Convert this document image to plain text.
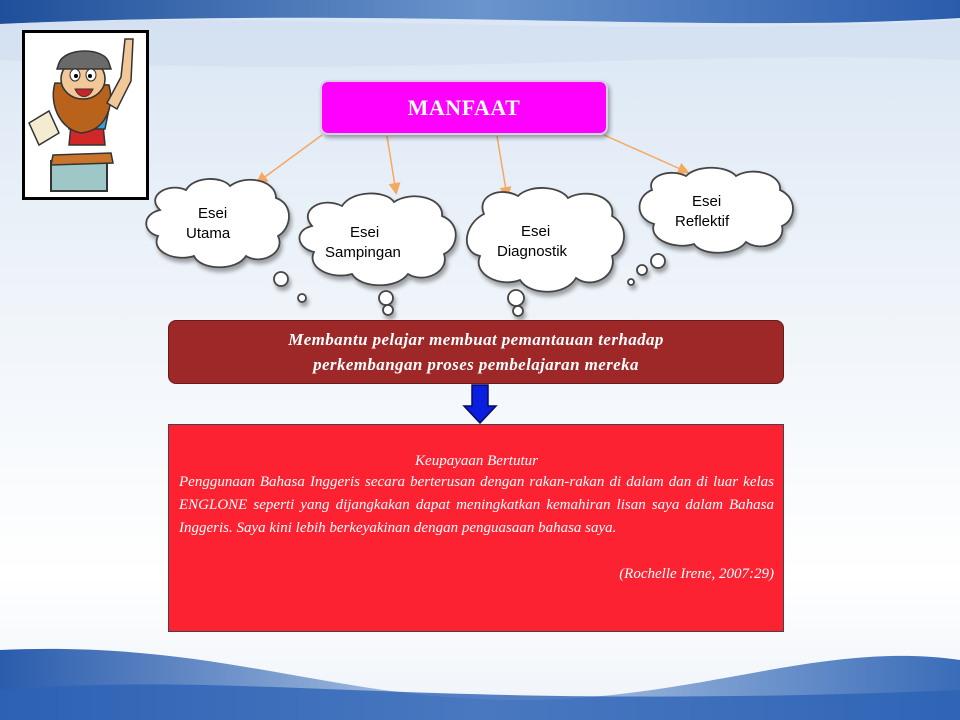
Esei
Utama	Esei
Sampingan
Esei
Diagnostik
Esei
Reflektif
MANFAAT
Membantu pelajar membuat pemantauan terhadap
perkembangan proses pembelajaran mereka
Keupayaan Bertutur
Penggunaan Bahasa Inggeris secara berterusan dengan rakan-rakan di dalam dan di luar kelas ENGLONE seperti yang dijangkakan dapat meningkatkan kemahiran lisan saya dalam Bahasa Inggeris. Saya kini lebih berkeyakinan dengan penguasaan bahasa saya.
(Rochelle Irene, 2007:29)
